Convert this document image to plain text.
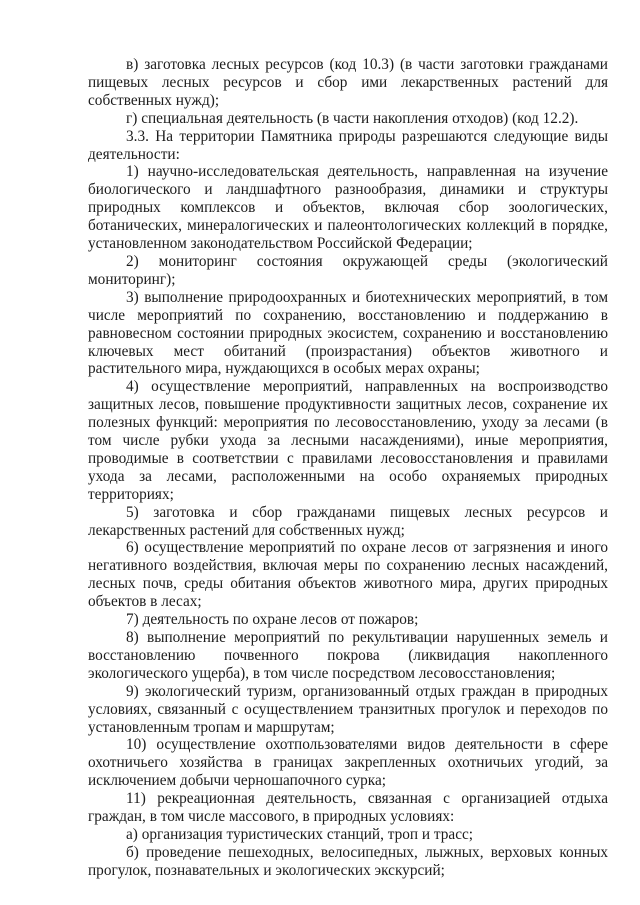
в) заготовка лесных ресурсов (код 10.3) (в части заготовки гражданами пищевых лесных ресурсов и сбор ими лекарственных растений для собственных нужд);

г) специальная деятельность (в части накопления отходов) (код 12.2).

3.3. На территории Памятника природы разрешаются следующие виды деятельности:

1) научно-исследовательская деятельность, направленная на изучение биологического и ландшафтного разнообразия, динамики и структуры природных комплексов и объектов, включая сбор зоологических, ботанических, минералогических и палеонтологических коллекций в порядке, установленном законодательством Российской Федерации;

2) мониторинг состояния окружающей среды (экологический мониторинг);

3) выполнение природоохранных и биотехнических мероприятий, в том числе мероприятий по сохранению, восстановлению и поддержанию в равновесном состоянии природных экосистем, сохранению и восстановлению ключевых мест обитаний (произрастания) объектов животного и растительного мира, нуждающихся в особых мерах охраны;

4) осуществление мероприятий, направленных на воспроизводство защитных лесов, повышение продуктивности защитных лесов, сохранение их полезных функций: мероприятия по лесовосстановлению, уходу за лесами (в том числе рубки ухода за лесными насаждениями), иные мероприятия, проводимые в соответствии с правилами лесовосстановления и правилами ухода за лесами, расположенными на особо охраняемых природных территориях;

5) заготовка и сбор гражданами пищевых лесных ресурсов и лекарственных растений для собственных нужд;

6) осуществление мероприятий по охране лесов от загрязнения и иного негативного воздействия, включая меры по сохранению лесных насаждений, лесных почв, среды обитания объектов животного мира, других природных объектов в лесах;

7) деятельность по охране лесов от пожаров;

8) выполнение мероприятий по рекультивации нарушенных земель и восстановлению почвенного покрова (ликвидация накопленного экологического ущерба), в том числе посредством лесовосстановления;

9) экологический туризм, организованный отдых граждан в природных условиях, связанный с осуществлением транзитных прогулок и переходов по установленным тропам и маршрутам;

10) осуществление охотпользователями видов деятельности в сфере охотничьего хозяйства в границах закрепленных охотничьих угодий, за исключением добычи черношапочного сурка;

11) рекреационная деятельность, связанная с организацией отдыха граждан, в том числе массового, в природных условиях:

а) организация туристических станций, троп и трасс;

б) проведение пешеходных, велосипедных, лыжных, верховых конных прогулок, познавательных и экологических экскурсий;
